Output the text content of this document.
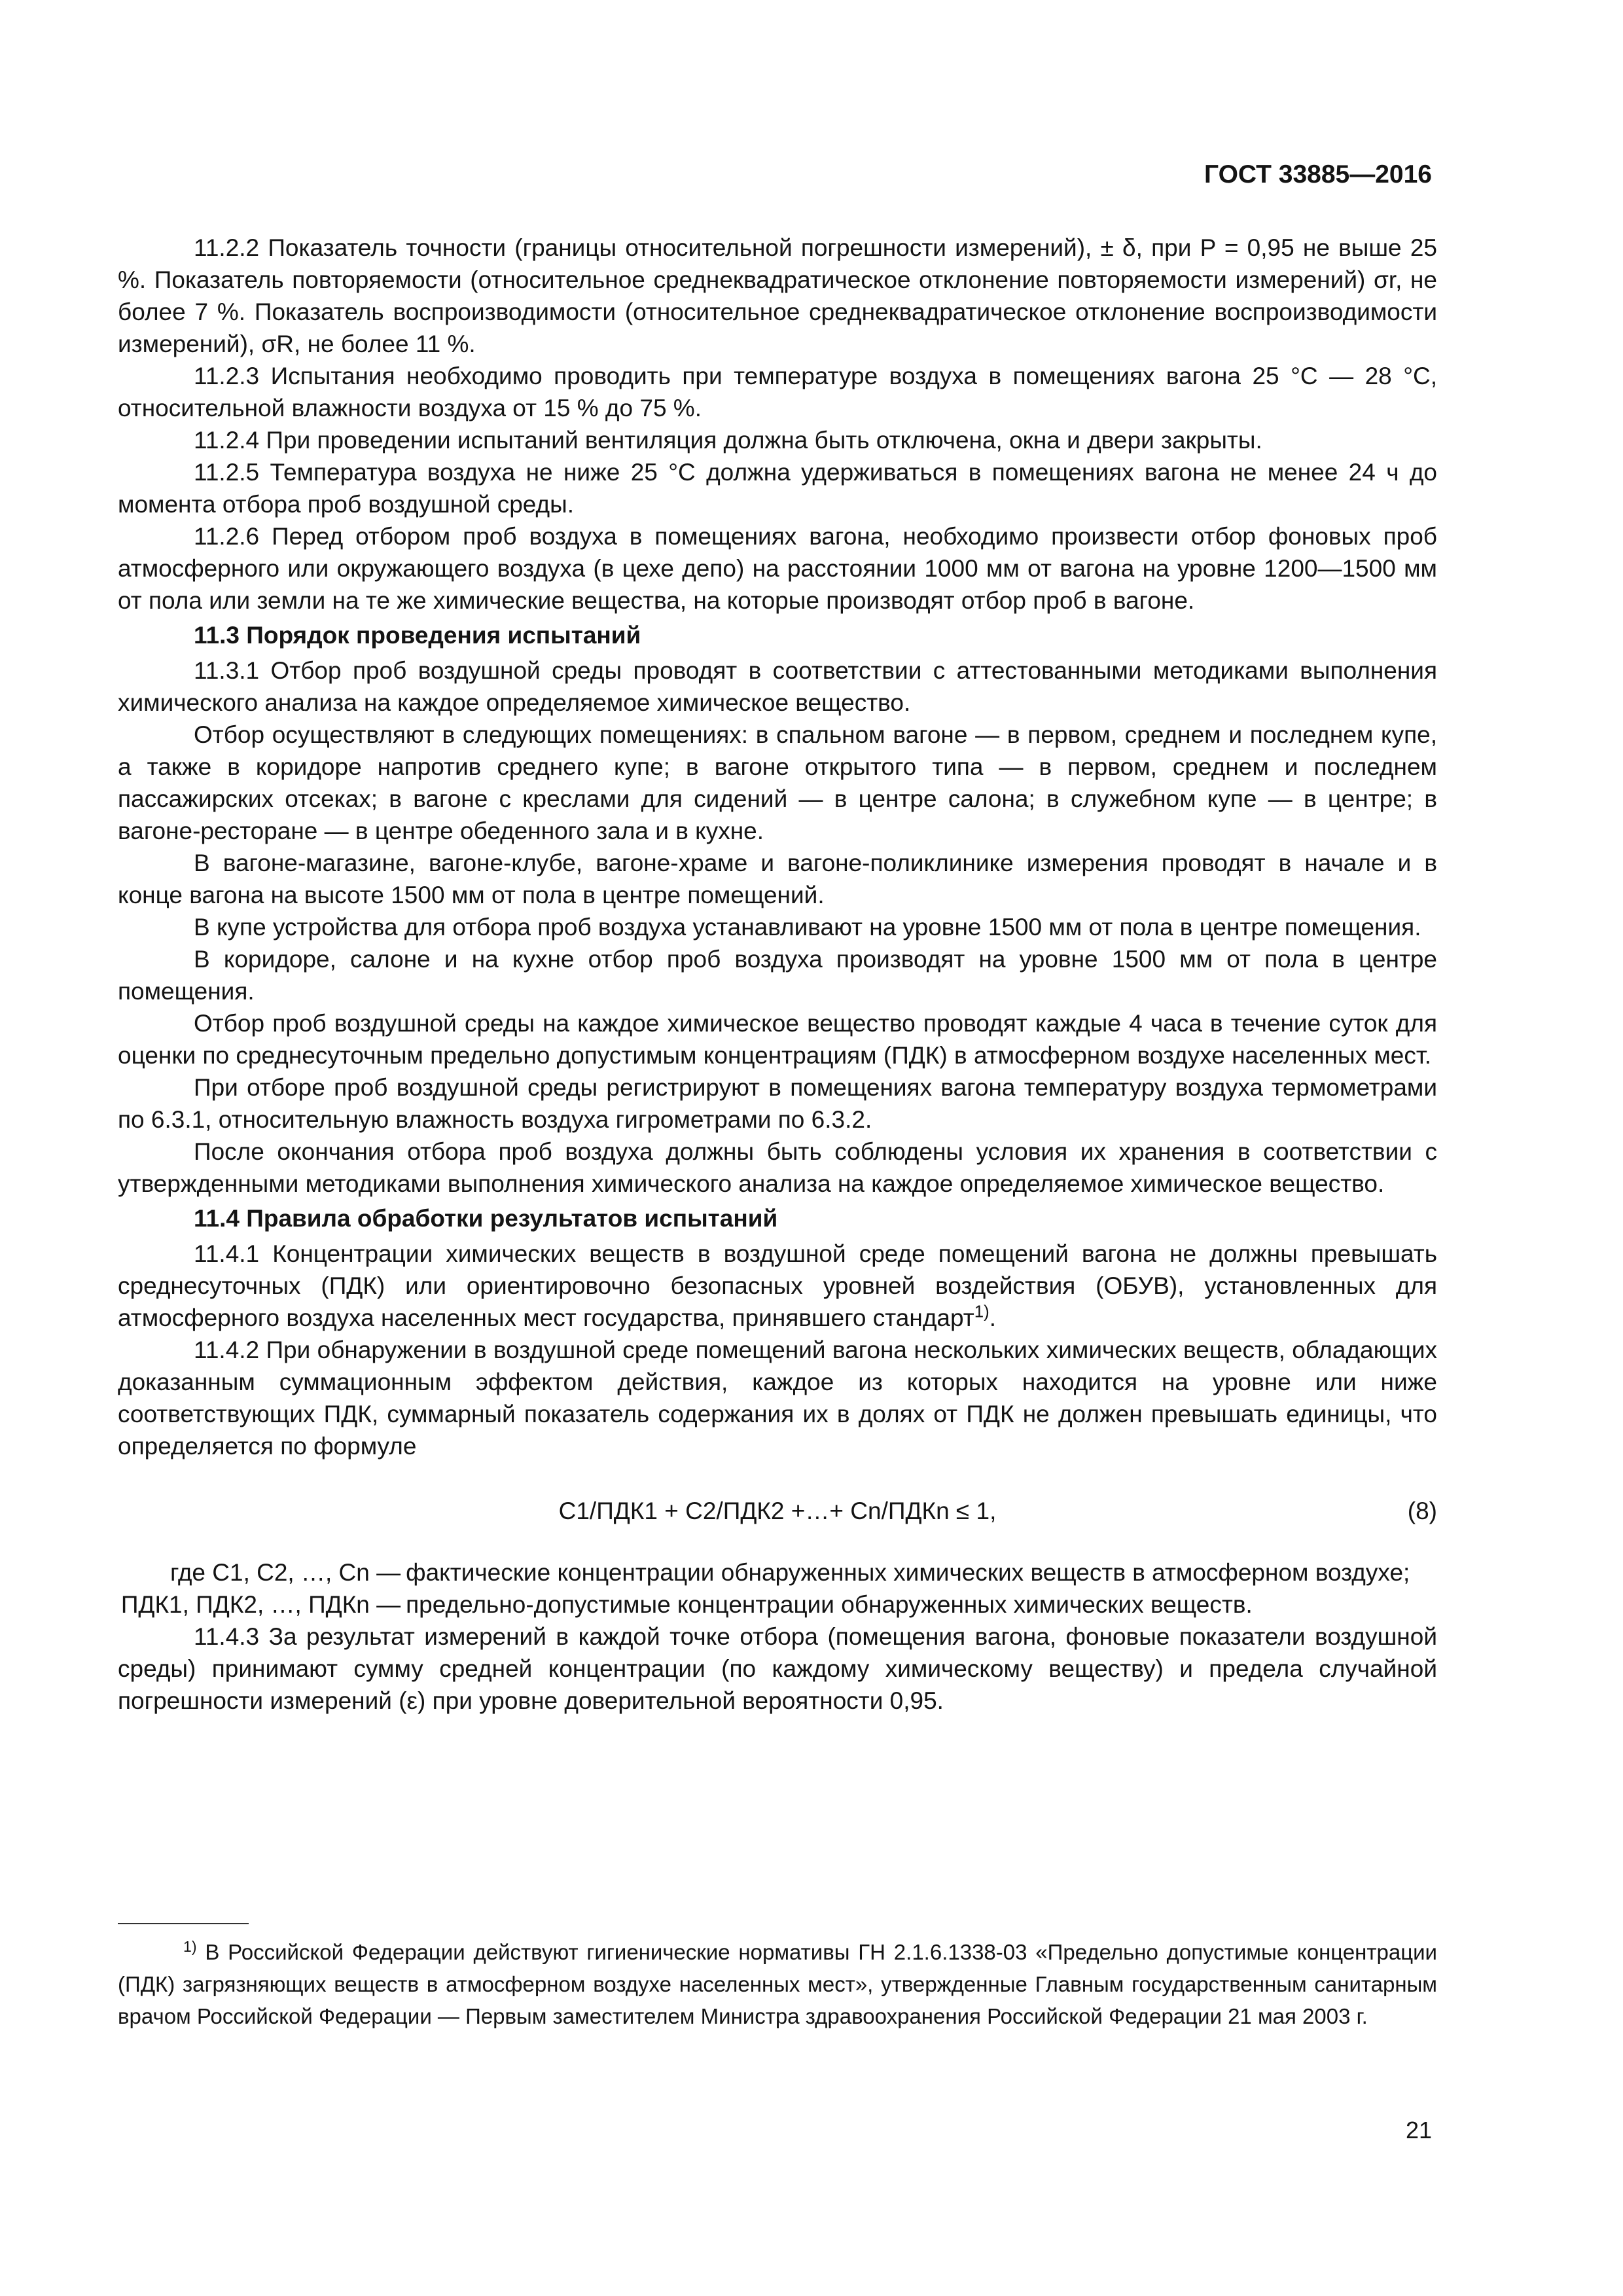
ГОСТ 33885—2016

11.2.2 Показатель точности (границы относительной погрешности измерений), ± δ, при P = 0,95 не выше 25 %. Показатель повторяемости (относительное среднеквадратическое отклонение повторяемости измерений) σr, не более 7 %. Показатель воспроизводимости (относительное среднеквадратическое отклонение воспроизводимости измерений), σR, не более 11 %.

11.2.3 Испытания необходимо проводить при температуре воздуха в помещениях вагона 25 °С — 28 °С, относительной влажности воздуха от 15 % до 75 %.

11.2.4 При проведении испытаний вентиляция должна быть отключена, окна и двери закрыты.

11.2.5 Температура воздуха не ниже 25 °С должна удерживаться в помещениях вагона не менее 24 ч до момента отбора проб воздушной среды.

11.2.6 Перед отбором проб воздуха в помещениях вагона, необходимо произвести отбор фоновых проб атмосферного или окружающего воздуха (в цехе депо) на расстоянии 1000 мм от вагона на уровне 1200—1500 мм от пола или земли на те же химические вещества, на которые производят отбор проб в вагоне.

11.3 Порядок проведения испытаний

11.3.1 Отбор проб воздушной среды проводят в соответствии с аттестованными методиками выполнения химического анализа на каждое определяемое химическое вещество.

Отбор осуществляют в следующих помещениях: в спальном вагоне — в первом, среднем и последнем купе, а также в коридоре напротив среднего купе; в вагоне открытого типа — в первом, среднем и последнем пассажирских отсеках; в вагоне с креслами для сидений — в центре салона; в служебном купе — в центре; в вагоне-ресторане — в центре обеденного зала и в кухне.

В вагоне-магазине, вагоне-клубе, вагоне-храме и вагоне-поликлинике измерения проводят в начале и в конце вагона на высоте 1500 мм от пола в центре помещений.

В купе устройства для отбора проб воздуха устанавливают на уровне 1500 мм от пола в центре помещения.

В коридоре, салоне и на кухне отбор проб воздуха производят на уровне 1500 мм от пола в центре помещения.

Отбор проб воздушной среды на каждое химическое вещество проводят каждые 4 часа в течение суток для оценки по среднесуточным предельно допустимым концентрациям (ПДК) в атмосферном воздухе населенных мест.

При отборе проб воздушной среды регистрируют в помещениях вагона температуру воздуха термометрами по 6.3.1, относительную влажность воздуха гигрометрами по 6.3.2.

После окончания отбора проб воздуха должны быть соблюдены условия их хранения в соответствии с утвержденными методиками выполнения химического анализа на каждое определяемое химическое вещество.

11.4 Правила обработки результатов испытаний

11.4.1 Концентрации химических веществ в воздушной среде помещений вагона не должны превышать среднесуточных (ПДК) или ориентировочно безопасных уровней воздействия (ОБУВ), установленных для атмосферного воздуха населенных мест государства, принявшего стандарт$^{1)}$.

11.4.2 При обнаружении в воздушной среде помещений вагона нескольких химических веществ, обладающих доказанным суммационным эффектом действия, каждое из которых находится на уровне или ниже соответствующих ПДК, суммарный показатель содержания их в долях от ПДК не должен превышать единицы, что определяется по формуле

C1/ПДК1 + C2/ПДК2 +…+ Cn/ПДКn ≤ 1,	(8)
где C1, C2, …, Cn — фактические концентрации обнаруженных химических веществ в атмосферном воздухе;
ПДК1, ПДК2, …, ПДКn — предельно-допустимые концентрации обнаруженных химических веществ.

11.4.3 За результат измерений в каждой точке отбора (помещения вагона, фоновые показатели воздушной среды) принимают сумму средней концентрации (по каждому химическому веществу) и предела случайной погрешности измерений (ε) при уровне доверительной вероятности 0,95.

$^{1)}$ В Российской Федерации действуют гигиенические нормативы ГН 2.1.6.1338-03 «Предельно допустимые концентрации (ПДК) загрязняющих веществ в атмосферном воздухе населенных мест», утвержденные Главным государственным санитарным врачом Российской Федерации — Первым заместителем Министра здравоохранения Российской Федерации 21 мая 2003 г.

21
